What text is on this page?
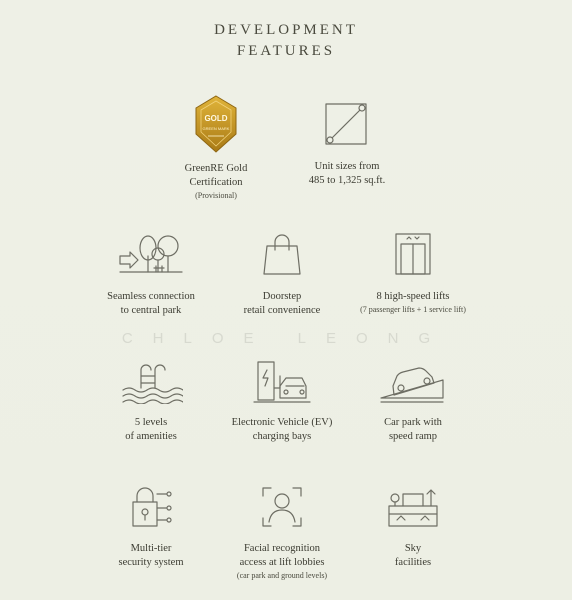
DEVELOPMENT
FEATURES
CHLOE LEONG
GOLD
GREEN MARK
GreenRE Gold
Certification
(Provisional)
Unit sizes from
485 to 1,325 sq.ft.
Seamless connection
to central park
Doorstep
retail convenience
8 high-speed lifts
(7 passenger lifts + 1 service lift)
5 levels
of amenities
Electronic Vehicle (EV)
charging bays
Car park with
speed ramp
Multi-tier
security system
Facial recognition
access at lift lobbies
(car park and ground levels)
Sky
facilities
